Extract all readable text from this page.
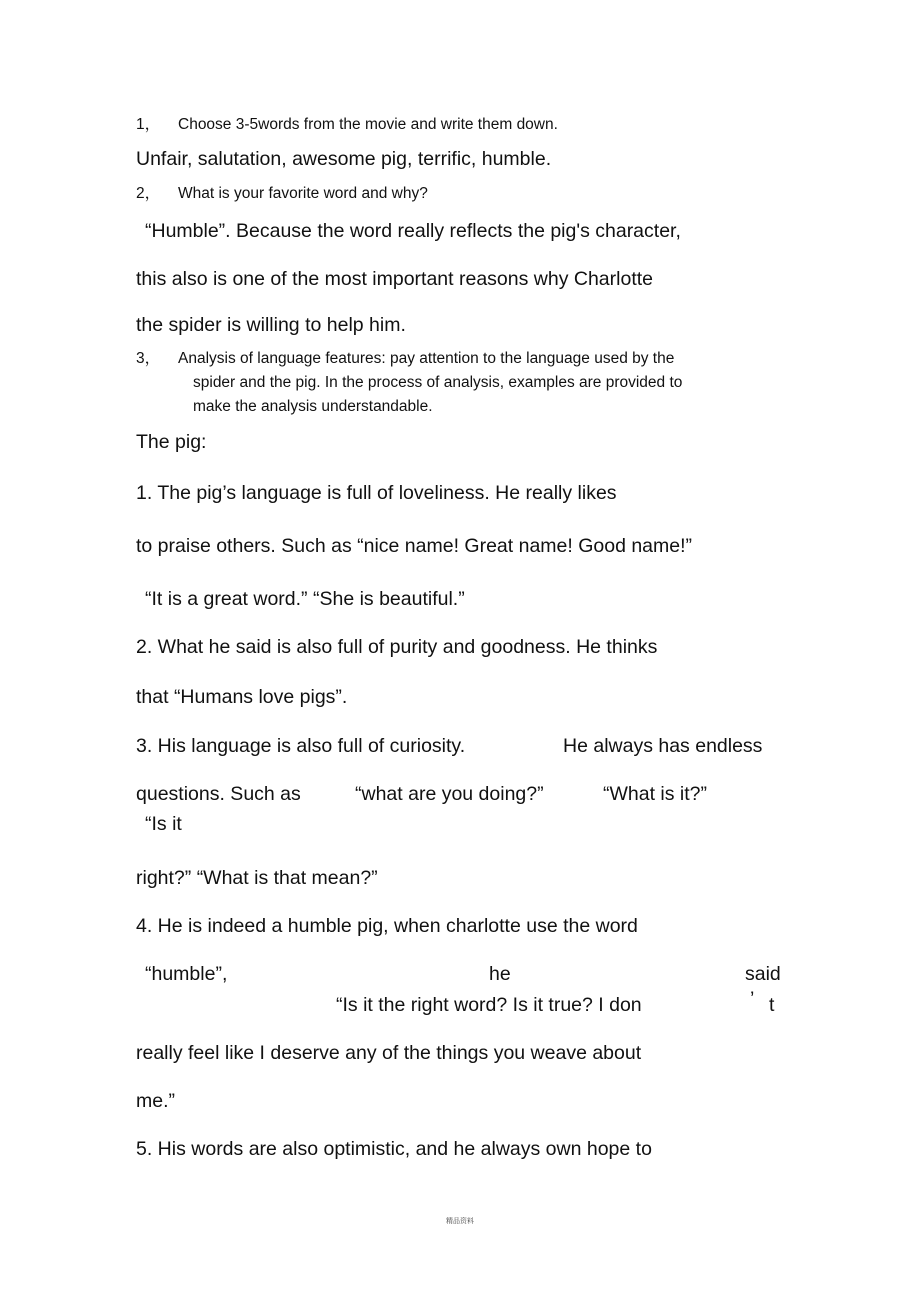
1，	Choose 3-5words from the movie and write them down.
Unfair, salutation, awesome pig, terrific, humble.
2，	What is your favorite word and why?
“Humble”. Because the word really reflects the pig's character,
this also is one of the most important reasons why Charlotte
the spider is willing to help him.
3，	Analysis of language features: pay attention to the language used by the
spider and the pig. In the process of analysis, examples are provided to
make the analysis understandable.
The pig:
1. The pig’s language is full of loveliness. He really likes
to praise others. Such as “nice name! Great name! Good name!”
“It is a great word.” “She is beautiful.”
2. What he said is also full of purity and goodness. He thinks
that “Humans love pigs”.
3. His language is also full of curiosity.	He always has endless
questions. Such as	“what are you doing?”	“What is it?”
“Is it
right?” “What is that mean?”
4. He is indeed a humble pig, when charlotte use the word
“humble”,	he	said
“Is it the right word? Is it true? I don	’ t
really feel like I deserve any of the things you weave about
me.”
5. His words are also optimistic, and he always own hope to
精品资料
